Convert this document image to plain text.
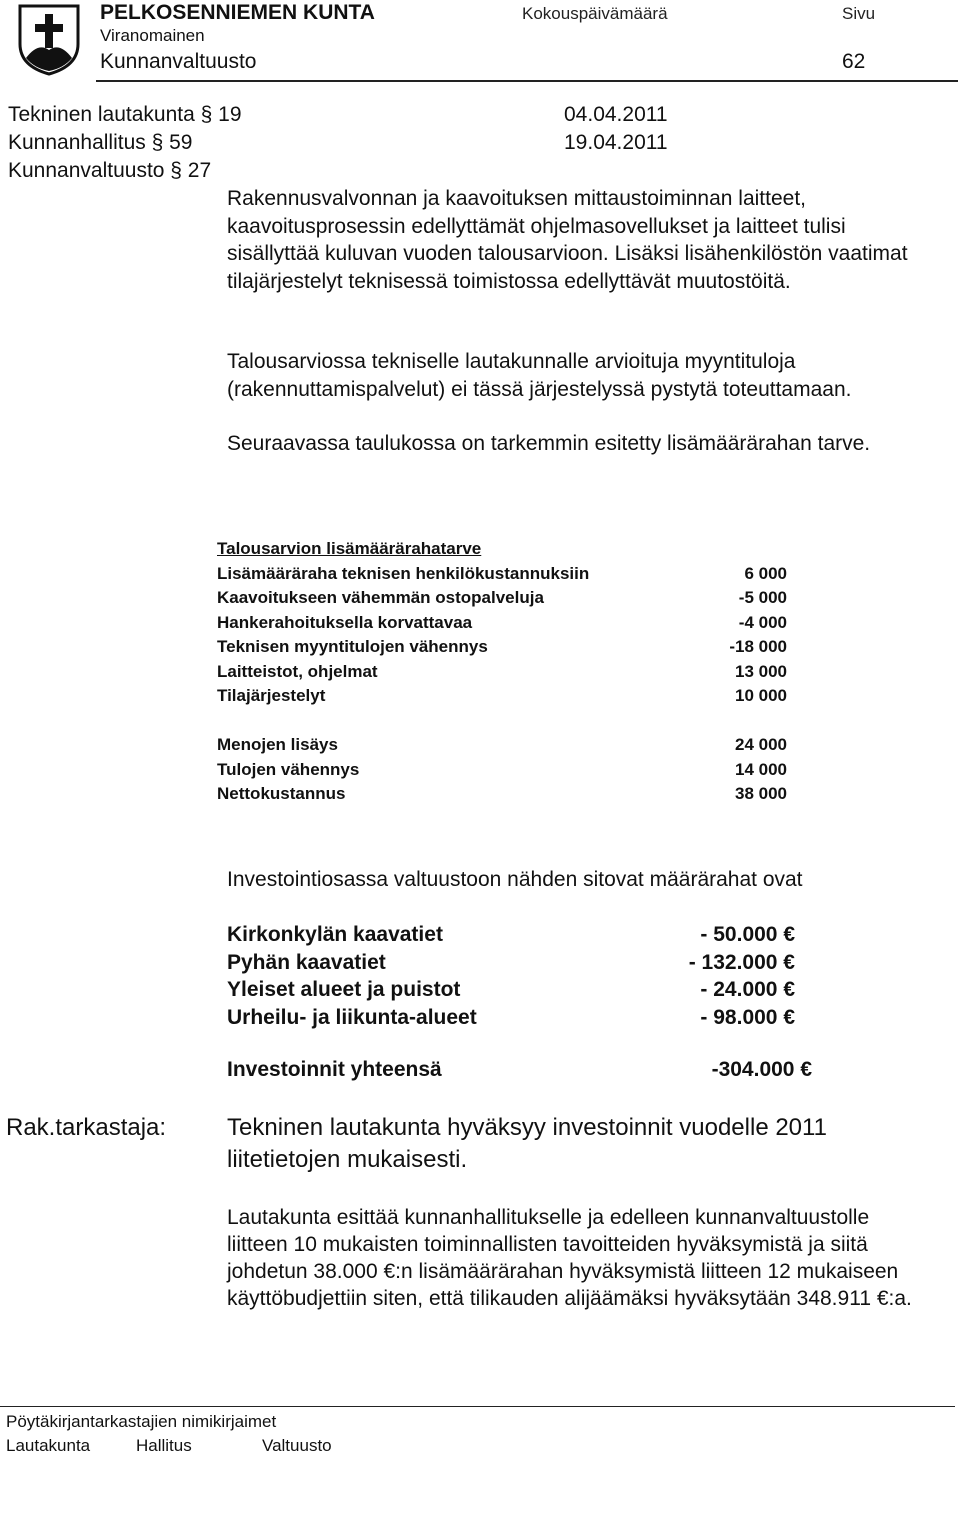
PELKOSENNIEMEN KUNTA	Kokouspäivämäärä	Sivu
Viranomainen
Kunnanvaltuusto	62
Tekninen lautakunta § 19	04.04.2011
Kunnanhallitus § 59	19.04.2011
Kunnanvaltuusto § 27

Rakennusvalvonnan ja kaavoituksen mittaustoiminnan laitteet, kaavoitusprosessin edellyttämät ohjelmasovellukset ja laitteet tulisi sisällyttää kuluvan vuoden talousarvioon. Lisäksi lisähenkilöstön vaatimat tilajärjestelyt teknisessä toimistossa edellyttävät muutostöitä.

Talousarviossa tekniselle lautakunnalle arvioituja myyntituloja (rakennuttamispalvelut) ei tässä järjestelyssä pystytä toteuttamaan.

Seuraavassa taulukossa on tarkemmin esitetty lisämäärärahan tarve.

Talousarvion lisämäärärahatarve
Lisämääräraha teknisen henkilökustannuksiin	6 000
Kaavoitukseen vähemmän ostopalveluja	-5 000
Hankerahoituksella korvattavaa	-4 000
Teknisen myyntitulojen vähennys	-18 000
Laitteistot, ohjelmat	13 000
Tilajärjestelyt	10 000
Menojen lisäys	24 000
Tulojen vähennys	14 000
Nettokustannus	38 000
Investointiosassa valtuustoon nähden sitovat määrärahat ovat
Kirkonkylän kaavatiet	- 50.000 €
Pyhän kaavatiet	- 132.000 €
Yleiset alueet ja puistot	- 24.000 €
Urheilu- ja liikunta-alueet	- 98.000 €
Investoinnit yhteensä	-304.000 €
Rak.tarkastaja:	Tekninen lautakunta hyväksyy investoinnit vuodelle 2011 liitetietojen mukaisesti.
Lautakunta esittää kunnanhallitukselle ja edelleen kunnanvaltuustolle liitteen 10 mukaisten toiminnallisten tavoitteiden hyväksymistä ja siitä johdetun 38.000 €:n lisämäärärahan hyväksymistä liitteen 12 mukaiseen käyttöbudjettiin siten, että tilikauden alijäämäksi hyväksytään 348.911 €:a.
Pöytäkirjantarkastajien nimikirjaimet
Lautakunta	Hallitus	Valtuusto
